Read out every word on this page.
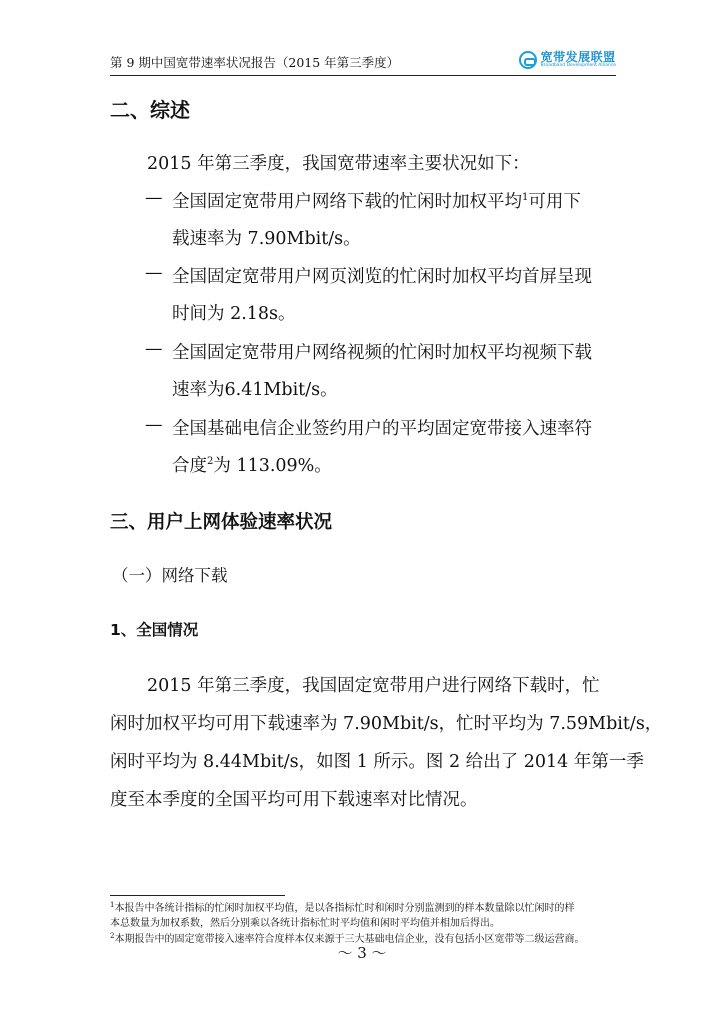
第 9 期中国宽带速率状况报告（2015 年第三季度）	宽带发展联盟
Broadband Development Alliance
二、综述
2015 年第三季度，我国宽带速率主要状况如下：
— 全国固定宽带用户网络下载的忙闲时加权平均$^1$可用下
载速率为 7.90Mbit/s。
— 全国固定宽带用户网页浏览的忙闲时加权平均首屏呈现
时间为 2.18s。
— 全国固定宽带用户网络视频的忙闲时加权平均视频下载
速率为6.41Mbit/s。
— 全国基础电信企业签约用户的平均固定宽带接入速率符
合度$^2$为 113.09%。
三、用户上网体验速率状况
（一）网络下载
1、全国情况
2015 年第三季度，我国固定宽带用户进行网络下载时，忙
闲时加权平均可用下载速率为 7.90Mbit/s，忙时平均为 7.59Mbit/s，
闲时平均为 8.44Mbit/s，如图 1 所示。图 2 给出了 2014 年第一季
度至本季度的全国平均可用下载速率对比情况。
$^1$本报告中各统计指标的忙闲时加权平均值，是以各指标忙时和闲时分别监测到的样本数量除以忙闲时的样
本总数量为加权系数，然后分别乘以各统计指标忙时平均值和闲时平均值并相加后得出。
$^2$本期报告中的固定宽带接入速率符合度样本仅来源于三大基础电信企业，没有包括小区宽带等二级运营商。
～ 3 ～
